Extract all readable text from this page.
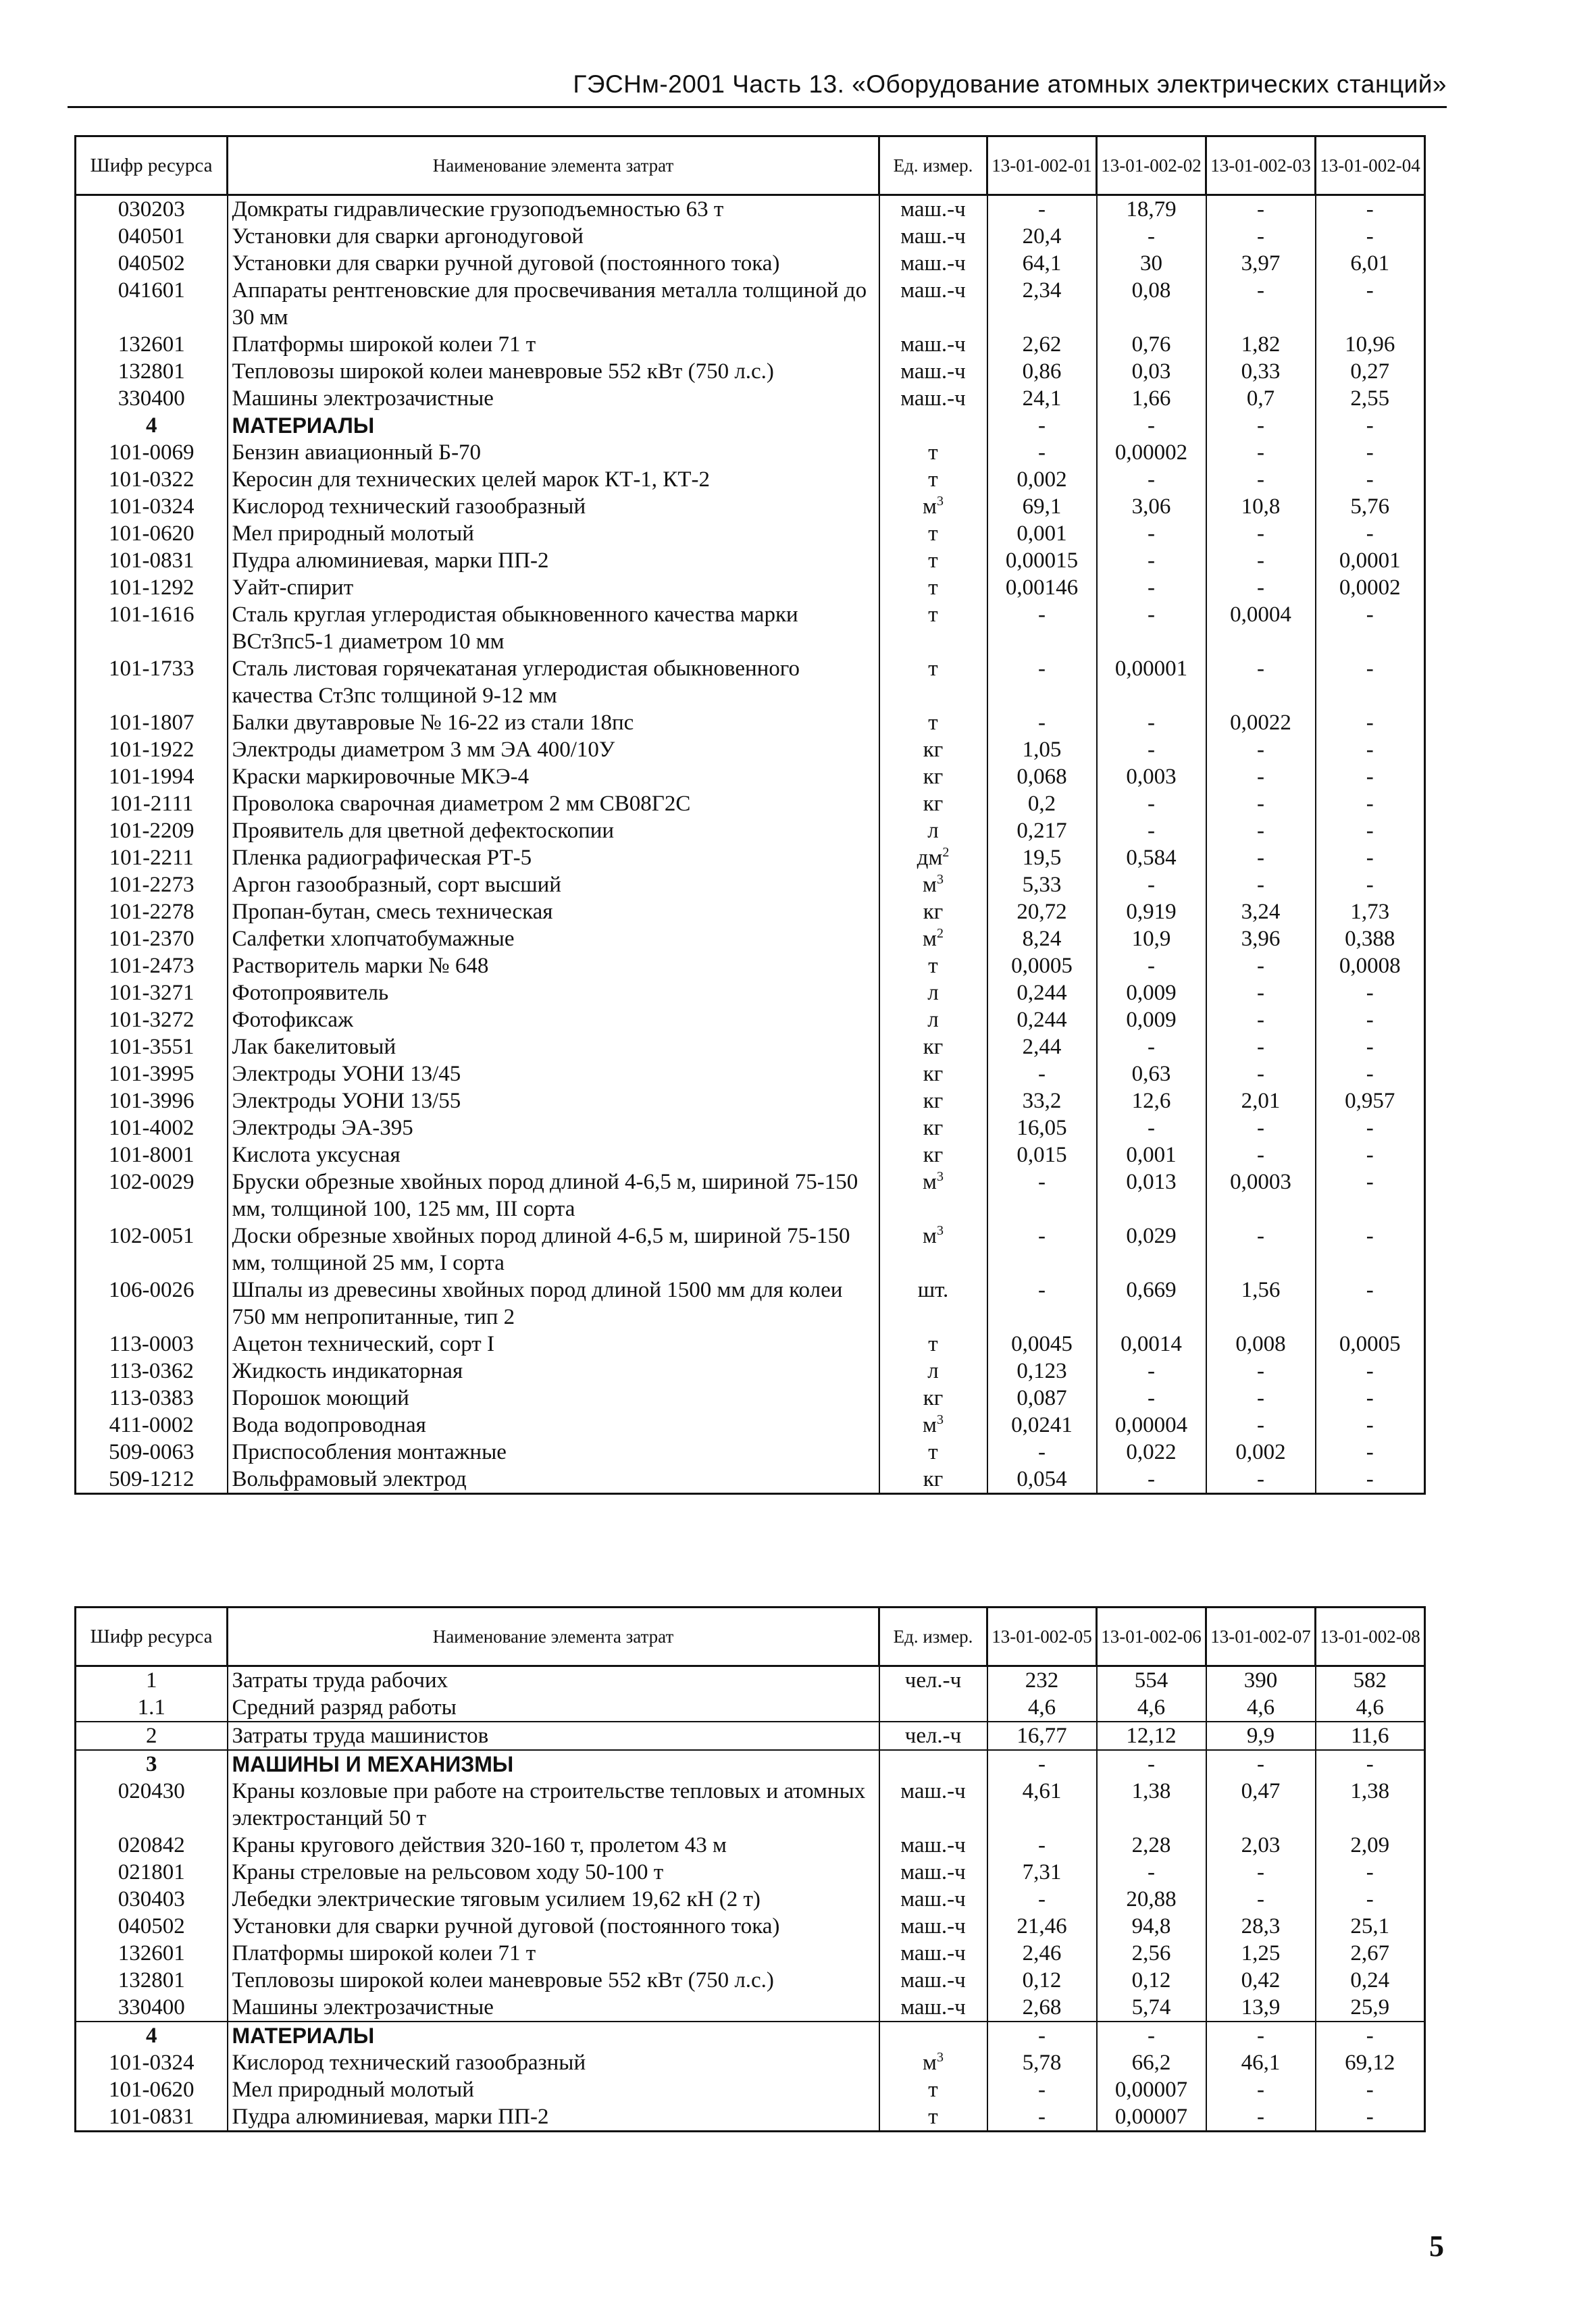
ГЭСНм-2001 Часть 13. «Оборудование атомных электрических станций»
Шифр ресурса	Наименование элемента затрат	Ед. измер.	13-01-002-01	13-01-002-02	13-01-002-03	13-01-002-04
030203	Домкраты гидравлические грузоподъемностью 63 т	маш.-ч	-	18,79	-	-
040501	Установки для сварки аргонодуговой	маш.-ч	20,4	-	-	-
040502	Установки для сварки ручной дуговой (постоянного тока)	маш.-ч	64,1	30	3,97	6,01
041601	Аппараты рентгеновские для просвечивания металла толщиной до 30 мм	маш.-ч	2,34	0,08	-	-
132601	Платформы широкой колеи 71 т	маш.-ч	2,62	0,76	1,82	10,96
132801	Тепловозы широкой колеи маневровые 552 кВт (750 л.с.)	маш.-ч	0,86	0,03	0,33	0,27
330400	Машины электрозачистные	маш.-ч	24,1	1,66	0,7	2,55
4	МАТЕРИАЛЫ		-	-	-	-
101-0069	Бензин авиационный Б-70	т	-	0,00002	-	-
101-0322	Керосин для технических целей марок КТ-1, КТ-2	т	0,002	-	-	-
101-0324	Кислород технический газообразный	$м^3$	69,1	3,06	10,8	5,76
101-0620	Мел природный молотый	т	0,001	-	-	-
101-0831	Пудра алюминиевая, марки ПП-2	т	0,00015	-	-	0,0001
101-1292	Уайт-спирит	т	0,00146	-	-	0,0002
101-1616	Сталь круглая углеродистая обыкновенного качества марки ВСт3пс5-1 диаметром 10 мм	т	-	-	0,0004	-
101-1733	Сталь листовая горячекатаная углеродистая обыкновенного качества Ст3пс толщиной 9-12 мм	т	-	0,00001	-	-
101-1807	Балки двутавровые № 16-22 из стали 18пс	т	-	-	0,0022	-
101-1922	Электроды диаметром 3 мм ЭА 400/10У	кг	1,05	-	-	-
101-1994	Краски маркировочные МКЭ-4	кг	0,068	0,003	-	-
101-2111	Проволока сварочная диаметром 2 мм СВ08Г2С	кг	0,2	-	-	-
101-2209	Проявитель для цветной дефектоскопии	л	0,217	-	-	-
101-2211	Пленка радиографическая РТ-5	$дм^2$	19,5	0,584	-	-
101-2273	Аргон газообразный, сорт высший	$м^3$	5,33	-	-	-
101-2278	Пропан-бутан, смесь техническая	кг	20,72	0,919	3,24	1,73
101-2370	Салфетки хлопчатобумажные	$м^2$	8,24	10,9	3,96	0,388
101-2473	Растворитель марки № 648	т	0,0005	-	-	0,0008
101-3271	Фотопроявитель	л	0,244	0,009	-	-
101-3272	Фотофиксаж	л	0,244	0,009	-	-
101-3551	Лак бакелитовый	кг	2,44	-	-	-
101-3995	Электроды УОНИ 13/45	кг	-	0,63	-	-
101-3996	Электроды УОНИ 13/55	кг	33,2	12,6	2,01	0,957
101-4002	Электроды ЭА-395	кг	16,05	-	-	-
101-8001	Кислота уксусная	кг	0,015	0,001	-	-
102-0029	Бруски обрезные хвойных пород длиной 4-6,5 м, шириной 75-150 мм, толщиной 100, 125 мм, III сорта	$м^3$	-	0,013	0,0003	-
102-0051	Доски обрезные хвойных пород длиной 4-6,5 м, шириной 75-150 мм, толщиной 25 мм, I сорта	$м^3$	-	0,029	-	-
106-0026	Шпалы из древесины хвойных пород длиной 1500 мм для колеи 750 мм непропитанные, тип 2	шт.	-	0,669	1,56	-
113-0003	Ацетон технический, сорт I	т	0,0045	0,0014	0,008	0,0005
113-0362	Жидкость индикаторная	л	0,123	-	-	-
113-0383	Порошок моющий	кг	0,087	-	-	-
411-0002	Вода водопроводная	$м^3$	0,0241	0,00004	-	-
509-0063	Приспособления монтажные	т	-	0,022	0,002	-
509-1212	Вольфрамовый электрод	кг	0,054	-	-	-
Шифр ресурса	Наименование элемента затрат	Ед. измер.	13-01-002-05	13-01-002-06	13-01-002-07	13-01-002-08
1	Затраты труда рабочих	чел.-ч	232	554	390	582
1.1	Средний разряд работы		4,6	4,6	4,6	4,6
2	Затраты труда машинистов	чел.-ч	16,77	12,12	9,9	11,6
3	МАШИНЫ И МЕХАНИЗМЫ		-	-	-	-
020430	Краны козловые при работе на строительстве тепловых и атомных электростанций 50 т	маш.-ч	4,61	1,38	0,47	1,38
020842	Краны кругового действия 320-160 т, пролетом 43 м	маш.-ч	-	2,28	2,03	2,09
021801	Краны стреловые на рельсовом ходу 50-100 т	маш.-ч	7,31	-	-	-
030403	Лебедки электрические тяговым усилием 19,62 кН (2 т)	маш.-ч	-	20,88	-	-
040502	Установки для сварки ручной дуговой (постоянного тока)	маш.-ч	21,46	94,8	28,3	25,1
132601	Платформы широкой колеи 71 т	маш.-ч	2,46	2,56	1,25	2,67
132801	Тепловозы широкой колеи маневровые 552 кВт (750 л.с.)	маш.-ч	0,12	0,12	0,42	0,24
330400	Машины электрозачистные	маш.-ч	2,68	5,74	13,9	25,9
4	МАТЕРИАЛЫ		-	-	-	-
101-0324	Кислород технический газообразный	$м^3$	5,78	66,2	46,1	69,12
101-0620	Мел природный молотый	т	-	0,00007	-	-
101-0831	Пудра алюминиевая, марки ПП-2	т	-	0,00007	-	-
5
